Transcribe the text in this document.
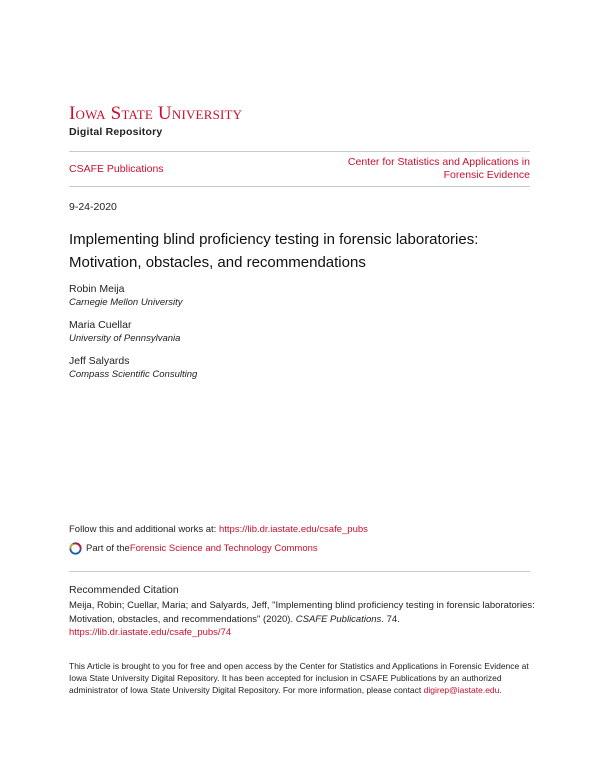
Iowa State University
Digital Repository
CSAFE Publications
Center for Statistics and Applications in
Forensic Evidence
9-24-2020
Implementing blind proficiency testing in forensic laboratories: Motivation, obstacles, and recommendations
Robin Meija
Carnegie Mellon University
Maria Cuellar
University of Pennsylvania
Jeff Salyards
Compass Scientific Consulting
Follow this and additional works at: https://lib.dr.iastate.edu/csafe_pubs
Part of the Forensic Science and Technology Commons
Recommended Citation
Meija, Robin; Cuellar, Maria; and Salyards, Jeff, "Implementing blind proficiency testing in forensic laboratories: Motivation, obstacles, and recommendations" (2020). CSAFE Publications. 74.
https://lib.dr.iastate.edu/csafe_pubs/74
This Article is brought to you for free and open access by the Center for Statistics and Applications in Forensic Evidence at Iowa State University Digital Repository. It has been accepted for inclusion in CSAFE Publications by an authorized administrator of Iowa State University Digital Repository. For more information, please contact digirep@iastate.edu.
